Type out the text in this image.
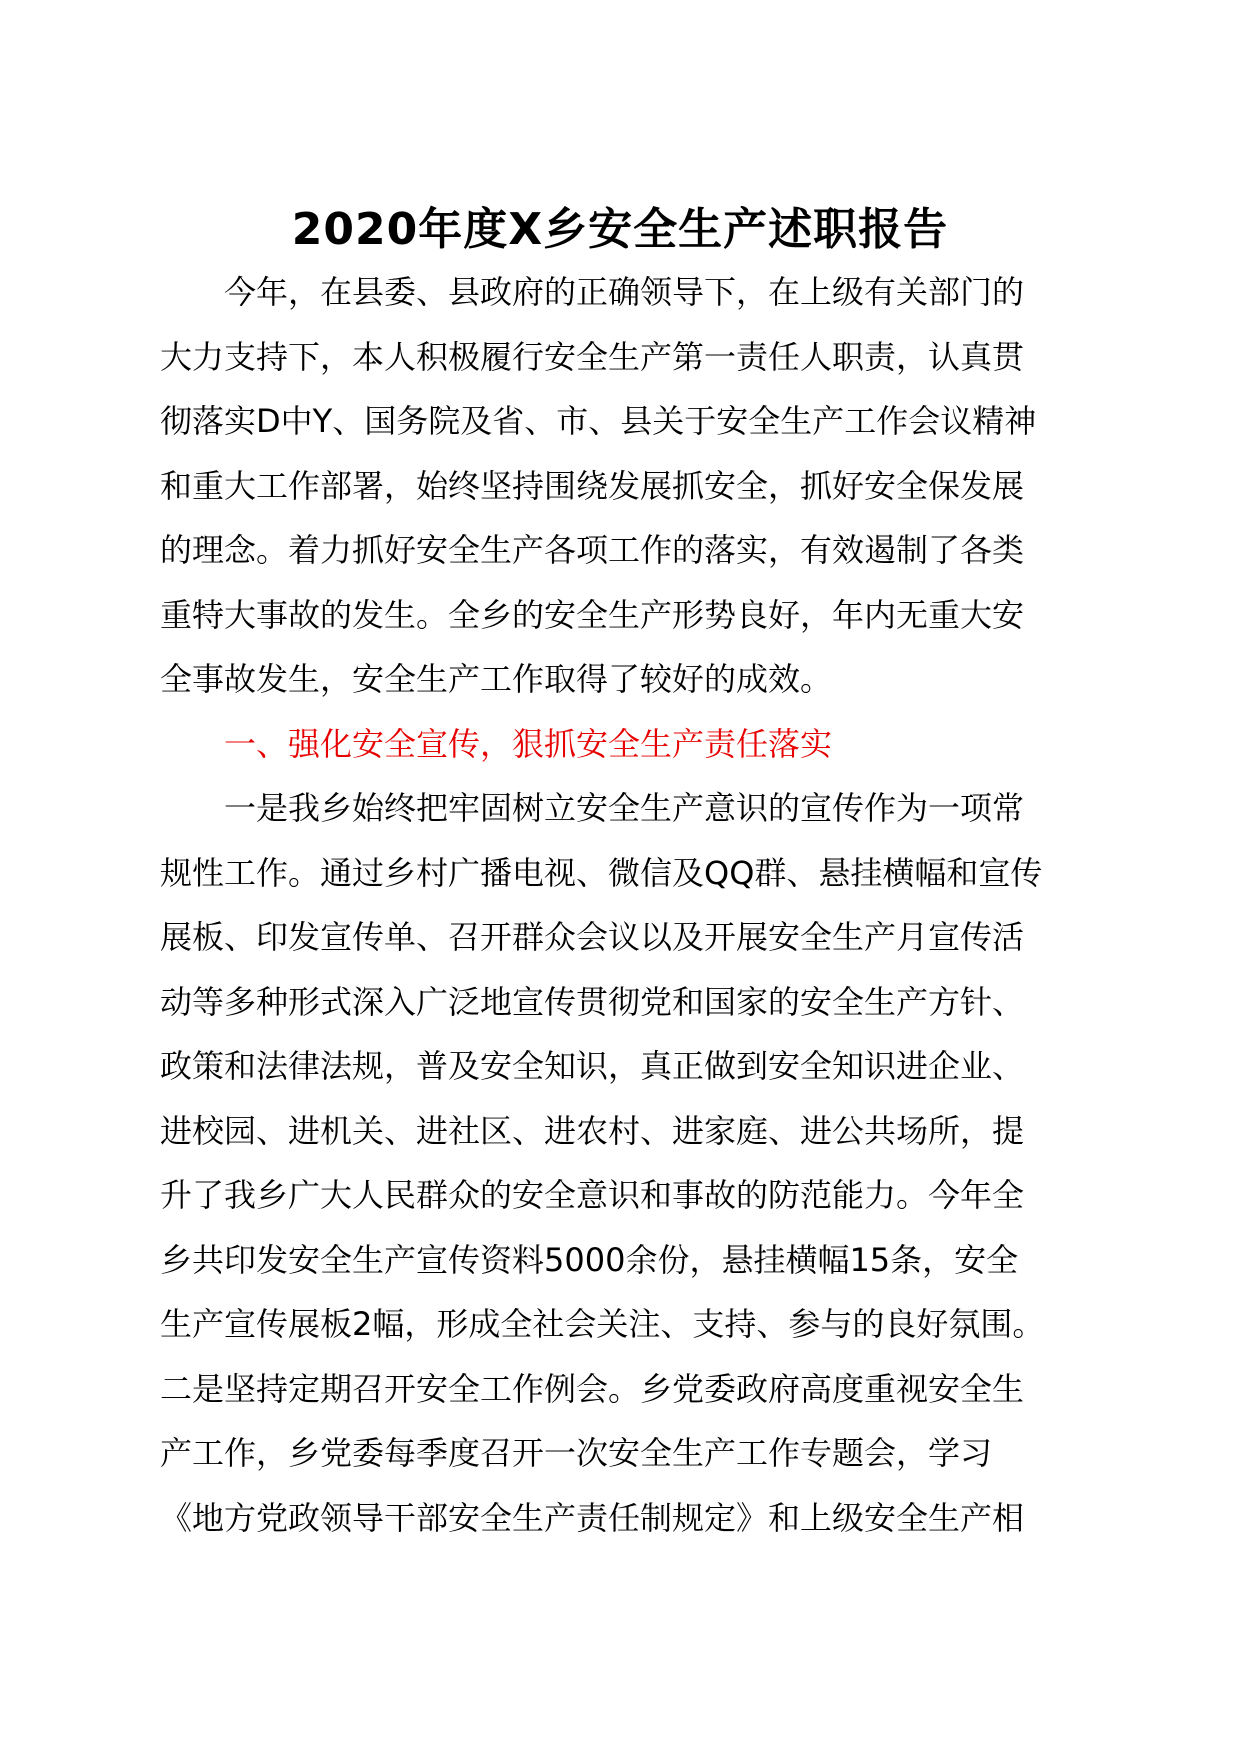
2020年度X乡安全生产述职报告
今年，在县委、县政府的正确领导下，在上级有关部门的
大力支持下，本人积极履行安全生产第一责任人职责，认真贯
彻落实D中Y、国务院及省、市、县关于安全生产工作会议精神
和重大工作部署，始终坚持围绕发展抓安全，抓好安全保发展
的理念。着力抓好安全生产各项工作的落实，有效遏制了各类
重特大事故的发生。全乡的安全生产形势良好，年内无重大安
全事故发生，安全生产工作取得了较好的成效。
一、强化安全宣传，狠抓安全生产责任落实
一是我乡始终把牢固树立安全生产意识的宣传作为一项常
规性工作。通过乡村广播电视、微信及QQ群、悬挂横幅和宣传
展板、印发宣传单、召开群众会议以及开展安全生产月宣传活
动等多种形式深入广泛地宣传贯彻党和国家的安全生产方针、
政策和法律法规，普及安全知识，真正做到安全知识进企业、
进校园、进机关、进社区、进农村、进家庭、进公共场所，提
升了我乡广大人民群众的安全意识和事故的防范能力。今年全
乡共印发安全生产宣传资料5000余份，悬挂横幅15条，安全
生产宣传展板2幅，形成全社会关注、支持、参与的良好氛围。
二是坚持定期召开安全工作例会。乡党委政府高度重视安全生
产工作，乡党委每季度召开一次安全生产工作专题会，学习
《地方党政领导干部安全生产责任制规定》和上级安全生产相
